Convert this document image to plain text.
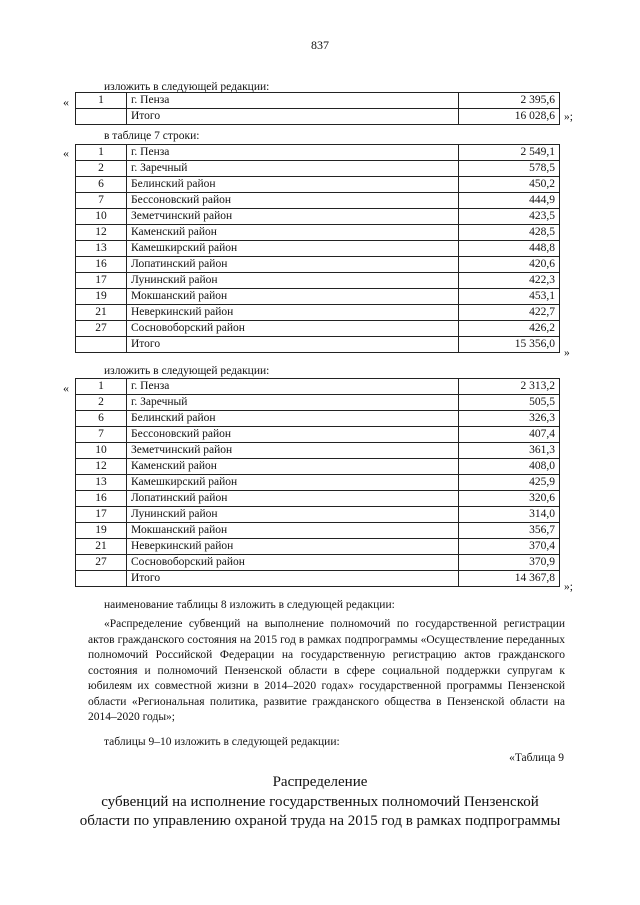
837
изложить в следующей редакции:
«	1	г. Пенза	2 395,6
	Итого	16 028,6 »;
в таблице 7 строки:
«	1	г. Пенза	2 549,1
2	г. Заречный	578,5
6	Белинский район	450,2
7	Бессоновский район	444,9
10	Земетчинский район	423,5
12	Каменский район	428,5
13	Камешкирский район	448,8
16	Лопатинский район	420,6
17	Лунинский район	422,3
19	Мокшанский район	453,1
21	Неверкинский район	422,7
27	Сосновоборский район	426,2
	Итого	15 356,0
»
изложить в следующей редакции:
«	1	г. Пенза	2 313,2
2	г. Заречный	505,5
6	Белинский район	326,3
7	Бессоновский район	407,4
10	Земетчинский район	361,3
12	Каменский район	408,0
13	Камешкирский район	425,9
16	Лопатинский район	320,6
17	Лунинский район	314,0
19	Мокшанский район	356,7
21	Неверкинский район	370,4
27	Сосновоборский район	370,9
	Итого	14 367,8
»;
наименование таблицы 8 изложить в следующей редакции:
«Распределение субвенций на выполнение полномочий по государственной регистрации актов гражданского состояния на 2015 год в рамках подпрограммы «Осуществление переданных полномочий Российской Федерации на государственную регистрацию актов гражданского состояния и полномочий Пензенской области в сфере социальной поддержки супругам к юбилеям их совместной жизни в 2014–2020 годах» государственной программы Пензенской области «Региональная политика, развитие гражданского общества в Пензенской области на 2014–2020 годы»;
таблицы 9–10 изложить в следующей редакции:
«Таблица 9
Распределение
субвенций на исполнение государственных полномочий Пензенской
области по управлению охраной труда на 2015 год в рамках подпрограммы
